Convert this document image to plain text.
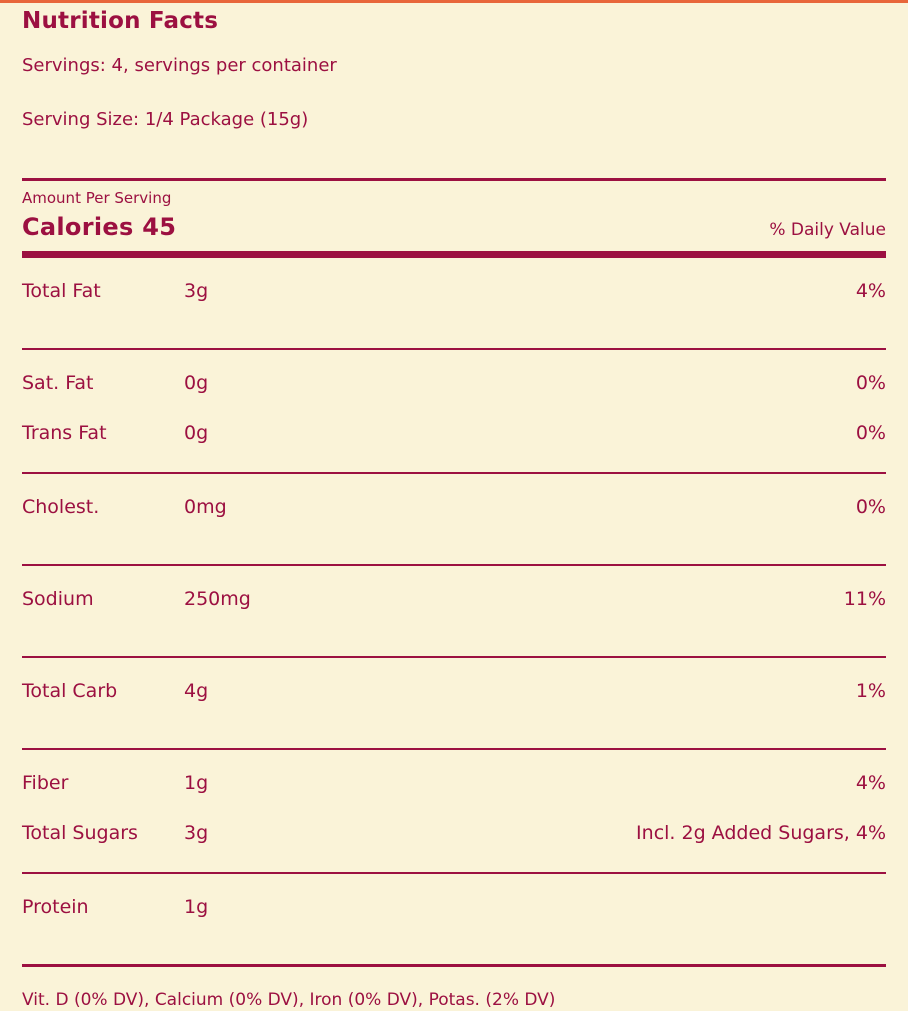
Nutrition Facts
Servings: 4, servings per container
Serving Size: 1/4 Package (15g)
Amount Per Serving
Calories 45	% Daily Value
Total Fat	3g	4%
Sat. Fat	0g	0%
Trans Fat	0g	0%
Cholest.	0mg	0%
Sodium	250mg	11%
Total Carb	4g	1%
Fiber	1g	4%
Total Sugars	3g	Incl. 2g Added Sugars, 4%
Protein	1g
Vit. D (0% DV), Calcium (0% DV), Iron (0% DV), Potas. (2% DV)
